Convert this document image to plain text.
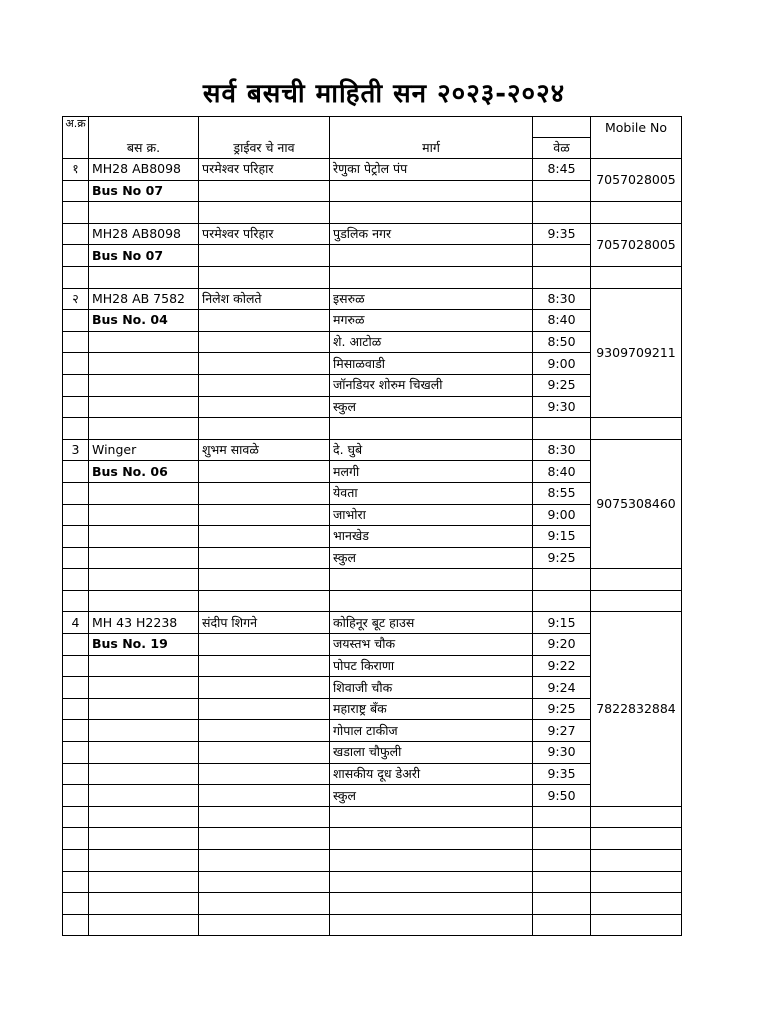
सर्व बसची माहिती सन २०२३-२०२४
अ.क्र					Mobile No
	बस क्र.	ड्राईवर चे नाव	मार्ग	वेळ	
१	MH28 AB8098	परमेश्वर परिहार	रेणुका पेट्रोल पंप	8:45	7057028005
	Bus No 07				

	MH28 AB8098	परमेश्वर परिहार	पुडलिक नगर	9:35	7057028005
	Bus No 07				

२	MH28 AB 7582	निलेश कोलते	इसरुळ	8:30	9309709211
	Bus No. 04		मगरुळ	8:40	
			शे. आटोळ	8:50	
			मिसाळवाडी	9:00	
			जॉनडियर शोरुम चिखली	9:25	
			स्कुल	9:30	

3	Winger	शुभम सावळे	दे. घुबे	8:30	9075308460
	Bus No. 06		मलगी	8:40	
			येवता	8:55	
			जाभोरा	9:00	
			भानखेड	9:15	
			स्कुल	9:25	

4	MH 43 H2238	संदीप शिगने	कोहिनूर बूट हाउस	9:15	7822832884
	Bus No. 19		जयस्तभ चौक	9:20	
			पोपट किराणा	9:22	
			शिवाजी चौक	9:24	
			महाराष्ट्र बँक	9:25	
			गोपाल टाकीज	9:27	
			खडाला चौफुली	9:30	
			शासकीय दूध डेअरी	9:35	
			स्कुल	9:50	
